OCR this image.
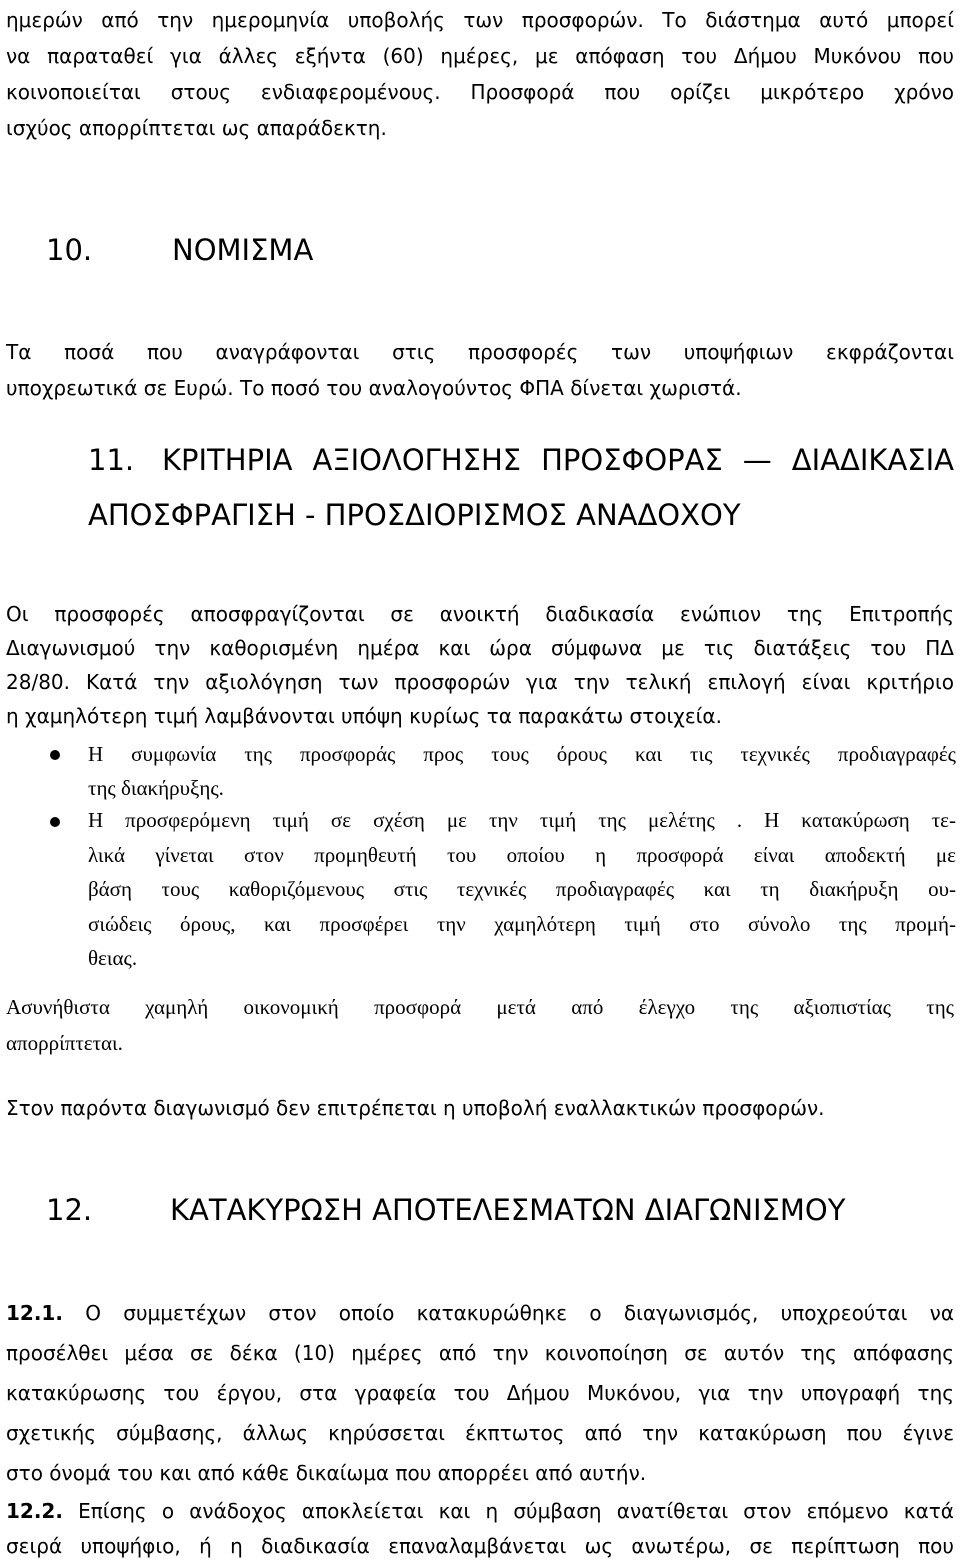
ημερών από την ημερομηνία υποβολής των προσφορών. Το διάστημα αυτό μπορεί
να παραταθεί για άλλες εξήντα (60) ημέρες, με απόφαση του Δήμου Μυκόνου που
κοινοποιείται στους ενδιαφερομένους. Προσφορά που ορίζει μικρότερο χρόνο
ισχύος απορρίπτεται ως απαράδεκτη.
10.	ΝΟΜΙΣΜΑ
Τα ποσά που αναγράφονται στις προσφορές των υποψήφιων εκφράζονται
υποχρεωτικά σε Ευρώ. Το ποσό του αναλογούντος ΦΠΑ δίνεται χωριστά.
11. ΚΡΙΤΗΡΙΑ ΑΞΙΟΛΟΓΗΣΗΣ ΠΡΟΣΦΟΡΑΣ — ΔΙΑΔΙΚΑΣΙΑ
ΑΠΟΣΦΡΑΓΙΣΗ - ΠΡΟΣΔΙΟΡΙΣΜΟΣ ΑΝΑΔΟΧΟΥ
Οι προσφορές αποσφραγίζονται σε ανοικτή διαδικασία ενώπιον της Επιτροπής
Διαγωνισμού την καθορισμένη ημέρα και ώρα σύμφωνα με τις διατάξεις του ΠΔ
28/80. Κατά την αξιολόγηση των προσφορών για την τελική επιλογή είναι κριτήριο
η χαμηλότερη τιμή λαμβάνονται υπόψη κυρίως τα παρακάτω στοιχεία.
Η συμφωνία της προσφοράς προς τους όρους και τις τεχνικές προδιαγραφές
της διακήρυξης.
Η προσφερόμενη τιμή σε σχέση με την τιμή της μελέτης . Η κατακύρωση τε-
λικά γίνεται στον προμηθευτή του οποίου η προσφορά είναι αποδεκτή με
βάση τους καθοριζόμενους στις τεχνικές προδιαγραφές και τη διακήρυξη ου-
σιώδεις όρους, και προσφέρει την χαμηλότερη τιμή στο σύνολο της προμή-
θειας.
Ασυνήθιστα χαμηλή οικονομική προσφορά μετά από έλεγχο της αξιοπιστίας της
απορρίπτεται.
Στον παρόντα διαγωνισμό δεν επιτρέπεται η υποβολή εναλλακτικών προσφορών.
12.	ΚΑΤΑΚΥΡΩΣΗ ΑΠΟΤΕΛΕΣΜΑΤΩΝ ΔΙΑΓΩΝΙΣΜΟΥ
12.1. Ο συμμετέχων στον οποίο κατακυρώθηκε ο διαγωνισμός, υποχρεούται να
προσέλθει μέσα σε δέκα (10) ημέρες από την κοινοποίηση σε αυτόν της απόφασης
κατακύρωσης του έργου, στα γραφεία του Δήμου Μυκόνου, για την υπογραφή της
σχετικής σύμβασης, άλλως κηρύσσεται έκπτωτος από την κατακύρωση που έγινε
στο όνομά του και από κάθε δικαίωμα που απορρέει από αυτήν.
12.2. Επίσης ο ανάδοχος αποκλείεται και η σύμβαση ανατίθεται στον επόμενο κατά
σειρά υποψήφιο, ή η διαδικασία επαναλαμβάνεται ως ανωτέρω, σε περίπτωση που
